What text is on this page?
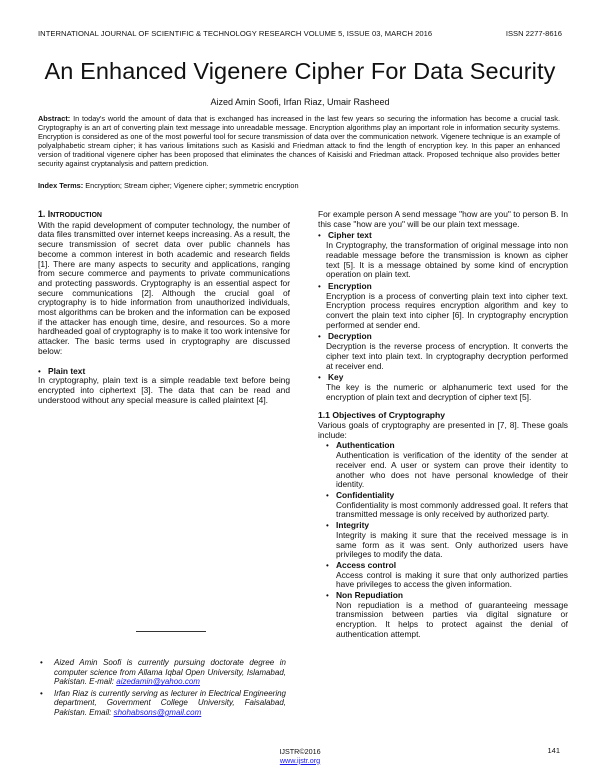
INTERNATIONAL JOURNAL OF SCIENTIFIC & TECHNOLOGY RESEARCH VOLUME 5, ISSUE 03, MARCH 2016	ISSN 2277-8616
An Enhanced Vigenere Cipher For Data Security
Aized Amin Soofi, Irfan Riaz, Umair Rasheed
Abstract: In today's world the amount of data that is exchanged has increased in the last few years so securing the information has become a crucial task. Cryptography is an art of converting plain text message into unreadable message. Encryption algorithms play an important role in information security systems. Encryption is considered as one of the most powerful tool for secure transmission of data over the communication network. Vigenere technique is an example of polyalphabetic stream cipher; it has various limitations such as Kasiski and Friedman attack to find the length of encryption key. In this paper an enhanced version of traditional vigenere cipher has been proposed that eliminates the chances of Kaisiski and Friedman attack. Proposed technique also provides better security against cryptanalysis and pattern prediction.
Index Terms: Encryption; Stream cipher; Vigenere cipher; symmetric encryption

1. INTRODUCTION

With the rapid development of computer technology, the number of data files transmitted over internet keeps increasing. As a result, the secure transmission of secret data over public channels has become a common interest in both academic and research fields [1]. There are many aspects to security and applications, ranging from secure commerce and payments to private communications and protecting passwords. Cryptography is an essential aspect for secure communications [2]. Although the crucial goal of cryptography is to hide information from unauthorized individuals, most algorithms can be broken and the information can be exposed if the attacker has enough time, desire, and resources. So a more hardheaded goal of cryptography is to make it too work intensive for attacker. The basic terms used in cryptography are discussed below:

• Plain text

In cryptography, plain text is a simple readable text before being encrypted into ciphertext [3]. The data that can be read and understood without any special measure is called plaintext [4].

•	Aized Amin Soofi is currently pursuing doctorate degree in computer science from Allama Iqbal Open University, Islamabad, Pakistan. E-mail: aizedamin@yahoo.com
•	Irfan Riaz is currently serving as lecturer in Electrical Engineering department, Government College University, Faisalabad, Pakistan. Email: shohabsons@gmail.com

For example person A send message "how are you" to person B. In this case "how are you" will be our plain text message.

• Cipher text

In Cryptography, the transformation of original message into non readable message before the transmission is known as cipher text [5]. It is a message obtained by some kind of encryption operation on plain text.

• Encryption

Encryption is a process of converting plain text into cipher text. Encryption process requires encryption algorithm and key to convert the plain text into cipher [6]. In cryptography encryption performed at sender end.

• Decryption

Decryption is the reverse process of encryption. It converts the cipher text into plain text. In cryptography decryption performed at receiver end.

• Key

The key is the numeric or alphanumeric text used for the encryption of plain text and decryption of cipher text [5].

1.1 Objectives of Cryptography

Various goals of cryptography are presented in [7, 8]. These goals include:

• Authentication

Authentication is verification of the identity of the sender at receiver end. A user or system can prove their identity to another who does not have personal knowledge of their identity.

• Confidentiality

Confidentiality is most commonly addressed goal. It refers that transmitted message is only received by authorized party.

• Integrity

Integrity is making it sure that the received message is in same form as it was sent. Only authorized users have privileges to modify the data.

• Access control

Access control is making it sure that only authorized parties have privileges to access the given information.

• Non Repudiation

Non repudiation is a method of guaranteeing message transmission between parties via digital signature or encryption. It helps to protect against the denial of authentication attempt.

141
IJSTR©2016
www.ijstr.org
